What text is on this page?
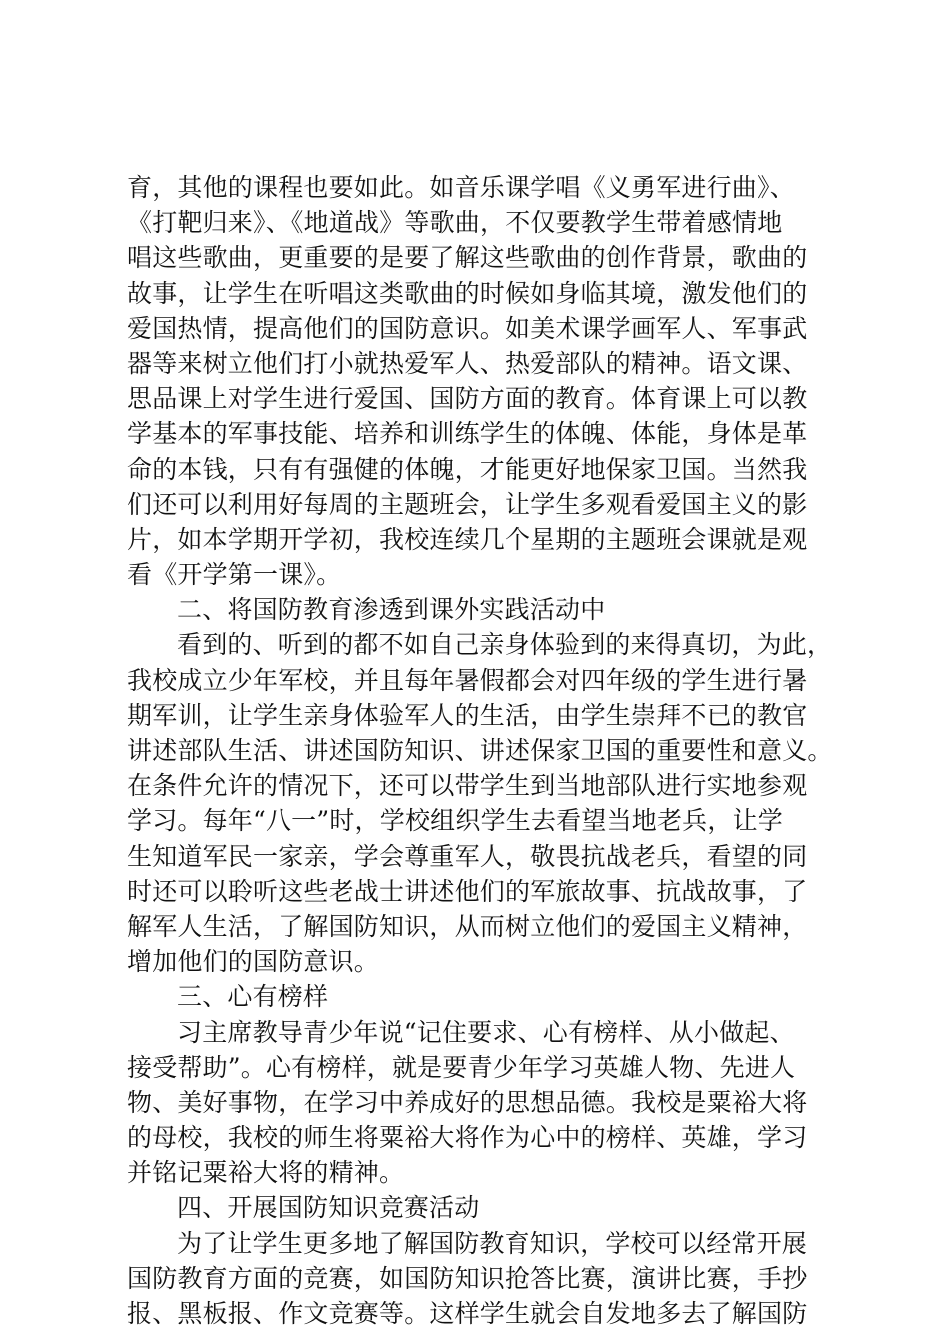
育，其他的课程也要如此。如音乐课学唱《义勇军进行曲》、
《打靶归来》、《地道战》等歌曲，不仅要教学生带着感情地
唱这些歌曲，更重要的是要了解这些歌曲的创作背景，歌曲的
故事，让学生在听唱这类歌曲的时候如身临其境，激发他们的
爱国热情，提高他们的国防意识。如美术课学画军人、军事武
器等来树立他们打小就热爱军人、热爱部队的精神。语文课、
思品课上对学生进行爱国、国防方面的教育。体育课上可以教
学基本的军事技能、培养和训练学生的体魄、体能，身体是革
命的本钱，只有有强健的体魄，才能更好地保家卫国。当然我
们还可以利用好每周的主题班会，让学生多观看爱国主义的影
片，如本学期开学初，我校连续几个星期的主题班会课就是观
看《开学第一课》。
二、将国防教育渗透到课外实践活动中
看到的、听到的都不如自己亲身体验到的来得真切，为此，
我校成立少年军校，并且每年暑假都会对四年级的学生进行暑
期军训，让学生亲身体验军人的生活，由学生崇拜不已的教官
讲述部队生活、讲述国防知识、讲述保家卫国的重要性和意义。
在条件允许的情况下，还可以带学生到当地部队进行实地参观
学习。每年“八一”时，学校组织学生去看望当地老兵，让学
生知道军民一家亲，学会尊重军人，敬畏抗战老兵，看望的同
时还可以聆听这些老战士讲述他们的军旅故事、抗战故事，了
解军人生活，了解国防知识，从而树立他们的爱国主义精神，
增加他们的国防意识。
三、心有榜样
习主席教导青少年说“记住要求、心有榜样、从小做起、
接受帮助”。心有榜样，就是要青少年学习英雄人物、先进人
物、美好事物，在学习中养成好的思想品德。我校是粟裕大将
的母校，我校的师生将粟裕大将作为心中的榜样、英雄，学习
并铭记粟裕大将的精神。
四、开展国防知识竞赛活动
为了让学生更多地了解国防教育知识，学校可以经常开展
国防教育方面的竞赛，如国防知识抢答比赛，演讲比赛，手抄
报、黑板报、作文竞赛等。这样学生就会自发地多去了解国防
